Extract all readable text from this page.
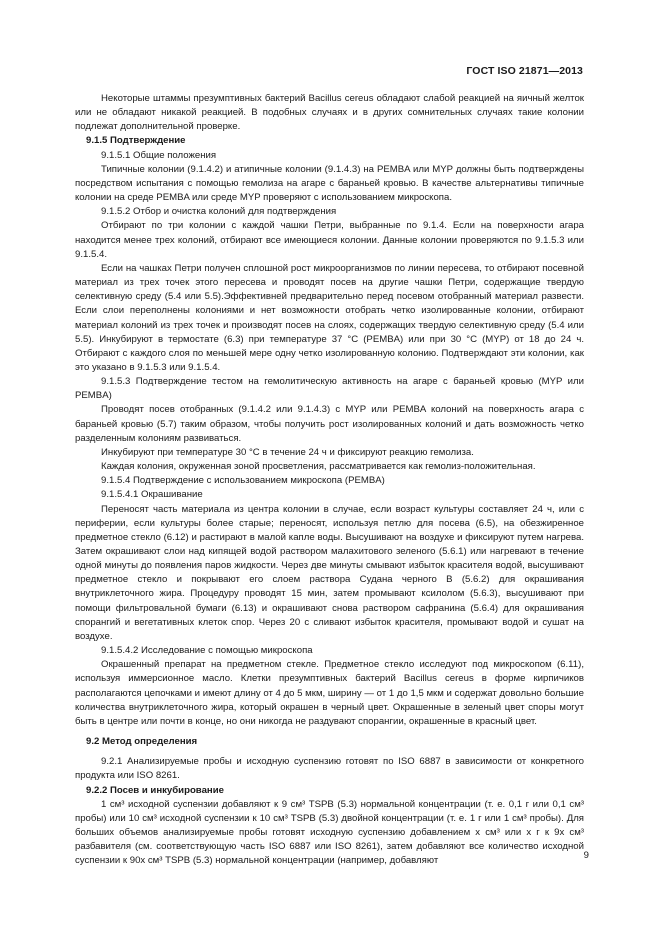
ГОСТ ISO 21871—2013

Некоторые штаммы презумптивных бактерий Bacillus cereus обладают слабой реакцией на яичный желток или не обладают никакой реакцией. В подобных случаях и в других сомнительных случаях такие колонии подлежат дополнительной проверке.

9.1.5 Подтверждение

9.1.5.1 Общие положения

Типичные колонии (9.1.4.2) и атипичные колонии (9.1.4.3) на PEMBA или MYP должны быть подтверждены посредством испытания с помощью гемолиза на агаре с бараньей кровью. В качестве альтернативы типичные колонии на среде PEMBA или среде MYP проверяют с использованием микроскопа.

9.1.5.2 Отбор и очистка колоний для подтверждения

Отбирают по три колонии с каждой чашки Петри, выбранные по 9.1.4. Если на поверхности агара находится менее трех колоний, отбирают все имеющиеся колонии. Данные колонии проверяются по 9.1.5.3 или 9.1.5.4.

Если на чашках Петри получен сплошной рост микроорганизмов по линии пересева, то отбирают посевной материал из трех точек этого пересева и проводят посев на другие чашки Петри, содержащие твердую селективную среду (5.4 или 5.5).Эффективней предварительно перед посевом отобранный материал развести. Если слои переполнены колониями и нет возможности отобрать четко изолированные колонии, отбирают материал колоний из трех точек и производят посев на слоях, содержащих твердую селективную среду (5.4 или 5.5). Инкубируют в термостате (6.3) при температуре 37 °С (PEMBA) или при 30 °С (MYP) от 18 до 24 ч. Отбирают с каждого слоя по меньшей мере одну четко изолированную колонию. Подтверждают эти колонии, как это указано в 9.1.5.3 или 9.1.5.4.

9.1.5.3 Подтверждение тестом на гемолитическую активность на агаре с бараньей кровью (MYP или PEMBA)

Проводят посев отобранных (9.1.4.2 или 9.1.4.3) с MYP или PEMBA колоний на поверхность агара с бараньей кровью (5.7) таким образом, чтобы получить рост изолированных колоний и дать возможность четко разделенным колониям развиваться.

Инкубируют при температуре 30 °С в течение 24 ч и фиксируют реакцию гемолиза.

Каждая колония, окруженная зоной просветления, рассматривается как гемолиз-положительная.

9.1.5.4 Подтверждение с использованием микроскопа (PEMBA)

9.1.5.4.1 Окрашивание

Переносят часть материала из центра колонии в случае, если возраст культуры составляет 24 ч, или с периферии, если культуры более старые; переносят, используя петлю для посева (6.5), на обезжиренное предметное стекло (6.12) и растирают в малой капле воды. Высушивают на воздухе и фиксируют путем нагрева. Затем окрашивают слои над кипящей водой раствором малахитового зеленого (5.6.1) или нагревают в течение одной минуты до появления паров жидкости. Через две минуты смывают избыток красителя водой, высушивают предметное стекло и покрывают его слоем раствора Судана черного B (5.6.2) для окрашивания внутриклеточного жира. Процедуру проводят 15 мин, затем промывают ксилолом (5.6.3), высушивают при помощи фильтровальной бумаги (6.13) и окрашивают снова раствором сафранина (5.6.4) для окрашивания спорангий и вегетативных клеток спор. Через 20 с сливают избыток красителя, промывают водой и сушат на воздухе.

9.1.5.4.2 Исследование с помощью микроскопа

Окрашенный препарат на предметном стекле. Предметное стекло исследуют под микроскопом (6.11), используя иммерсионное масло. Клетки презумптивных бактерий Bacillus cereus в форме кирпичиков располагаются цепочками и имеют длину от 4 до 5 мкм, ширину — от 1 до 1,5 мкм и содержат довольно большие количества внутриклеточного жира, который окрашен в черный цвет. Окрашенные в зеленый цвет споры могут быть в центре или почти в конце, но они никогда не раздувают спорангии, окрашенные в красный цвет.

9.2 Метод определения

9.2.1 Анализируемые пробы и исходную суспензию готовят по ISO 6887 в зависимости от конкретного продукта или ISO 8261.

9.2.2 Посев и инкубирование

1 см³ исходной суспензии добавляют к 9 см³ TSPB (5.3) нормальной концентрации (т. е. 0,1 г или 0,1 см³ пробы) или 10 см³ исходной суспензии к 10 см³ TSPB (5.3) двойной концентрации (т. е. 1 г или 1 см³ пробы). Для больших объемов анализируемые пробы готовят исходную суспензию добавлением x см³ или x г к 9x см³ разбавителя (см. соответствующую часть ISO 6887 или ISO 8261), затем добавляют все количество исходной суспензии к 90x см³ TSPB (5.3) нормальной концентрации (например, добавляют	9
